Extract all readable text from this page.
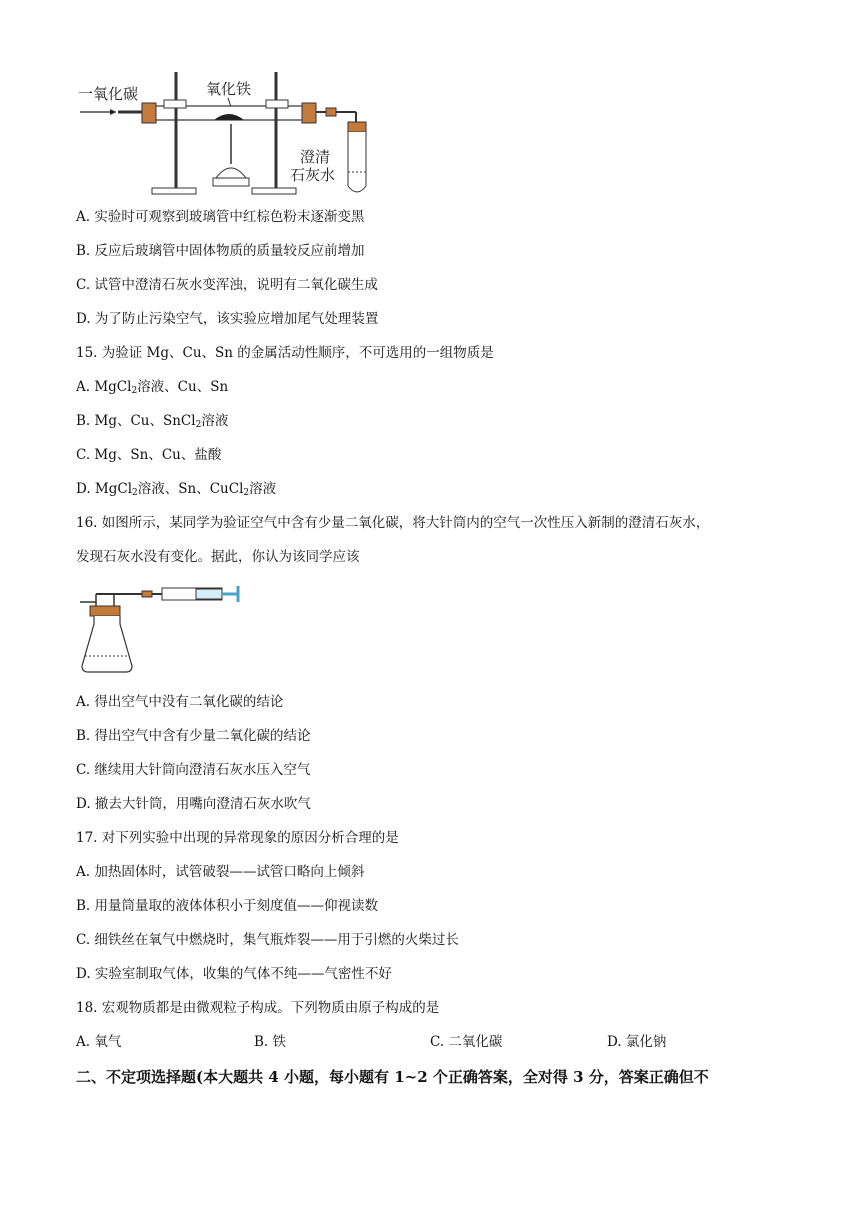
一氧化碳	氧化铁
澄清
石灰水
A. 实验时可观察到玻璃管中红棕色粉末逐渐变黑
B. 反应后玻璃管中固体物质的质量较反应前增加
C. 试管中澄清石灰水变浑浊，说明有二氧化碳生成
D. 为了防止污染空气，该实验应增加尾气处理装置
15. 为验证 Mg、Cu、Sn 的金属活动性顺序，不可选用的一组物质是
A. MgCl$_2$溶液、Cu、Sn
B. Mg、Cu、SnCl$_2$溶液
C. Mg、Sn、Cu、盐酸
D. MgCl$_2$溶液、Sn、CuCl$_2$溶液
16. 如图所示，某同学为验证空气中含有少量二氧化碳，将大针筒内的空气一次性压入新制的澄清石灰水，
发现石灰水没有变化。据此，你认为该同学应该
A. 得出空气中没有二氧化碳的结论
B. 得出空气中含有少量二氧化碳的结论
C. 继续用大针筒向澄清石灰水压入空气
D. 撤去大针筒，用嘴向澄清石灰水吹气
17. 对下列实验中出现的异常现象的原因分析合理的是
A. 加热固体时，试管破裂——试管口略向上倾斜
B. 用量筒量取的液体体积小于刻度值——仰视读数
C. 细铁丝在氧气中燃烧时，集气瓶炸裂——用于引燃的火柴过长
D. 实验室制取气体，收集的气体不纯——气密性不好
18. 宏观物质都是由微观粒子构成。下列物质由原子构成的是
A. 氧气	B. 铁	C. 二氧化碳	D. 氯化钠
二、不定项选择题(本大题共 4 小题，每小题有 1~2 个正确答案，全对得 3 分，答案正确但不
